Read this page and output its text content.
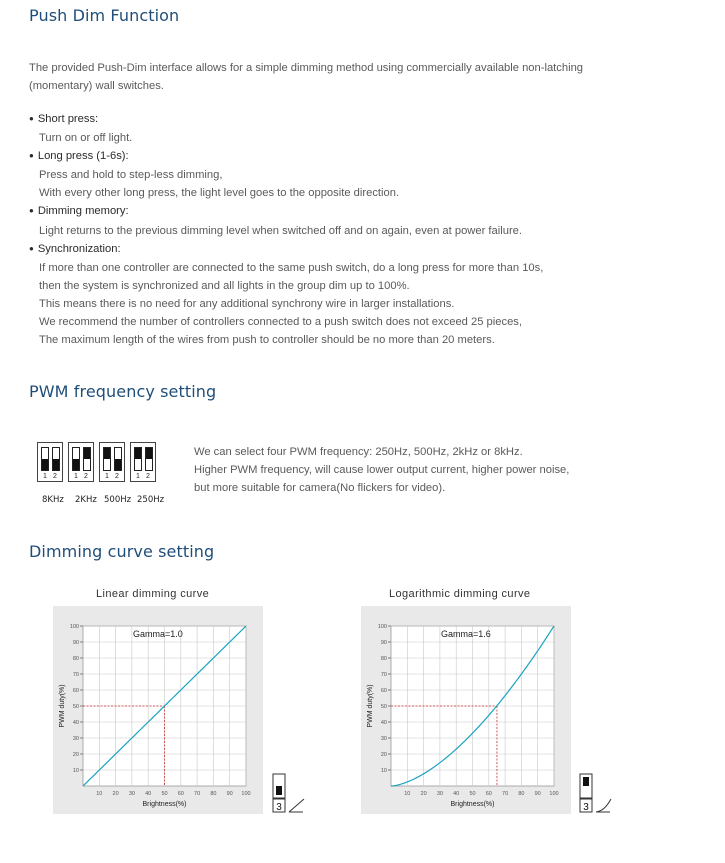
Push Dim Function
The provided Push-Dim interface allows for a simple dimming method using commercially available non-latching
(momentary) wall switches.
● Short press:
Turn on or off light.
● Long press (1-6s):
Press and hold to step-less dimming,
With every other long press, the light level goes to the opposite direction.
● Dimming memory:
Light returns to the previous dimming level when switched off and on again, even at power failure.
● Synchronization:
If more than one controller are connected to the same push switch, do a long press for more than 10s,
then the system is synchronized and all lights in the group dim up to 100%.
This means there is no need for any additional synchrony wire in larger installations.
We recommend the number of controllers connected to a push switch does not exceed 25 pieces,
The maximum length of the wires from push to controller should be no more than 20 meters.
PWM frequency setting
1 2 1 2 1 2 1 2
8KHz 2KHz 500Hz 250Hz
We can select four PWM frequency: 250Hz, 500Hz, 2kHz or 8kHz.
Higher PWM frequency, will cause lower output current, higher power noise,
but more suitable for camera(No flickers for video).
Dimming curve setting
Linear dimming curve	Logarithmic dimming curve
10 20 30 40 50 60 70 80 90 100
10
20
30
40
50
60
70
80
90
100
Gamma=1.0
Brightness(%)
PWM duty(%)
10 20 30 40 50 60 70 80 90 100
10
20
30
40
50
60
70
80
90
100
Gamma=1.6
Brightness(%)
PWM duty(%)
3	3
